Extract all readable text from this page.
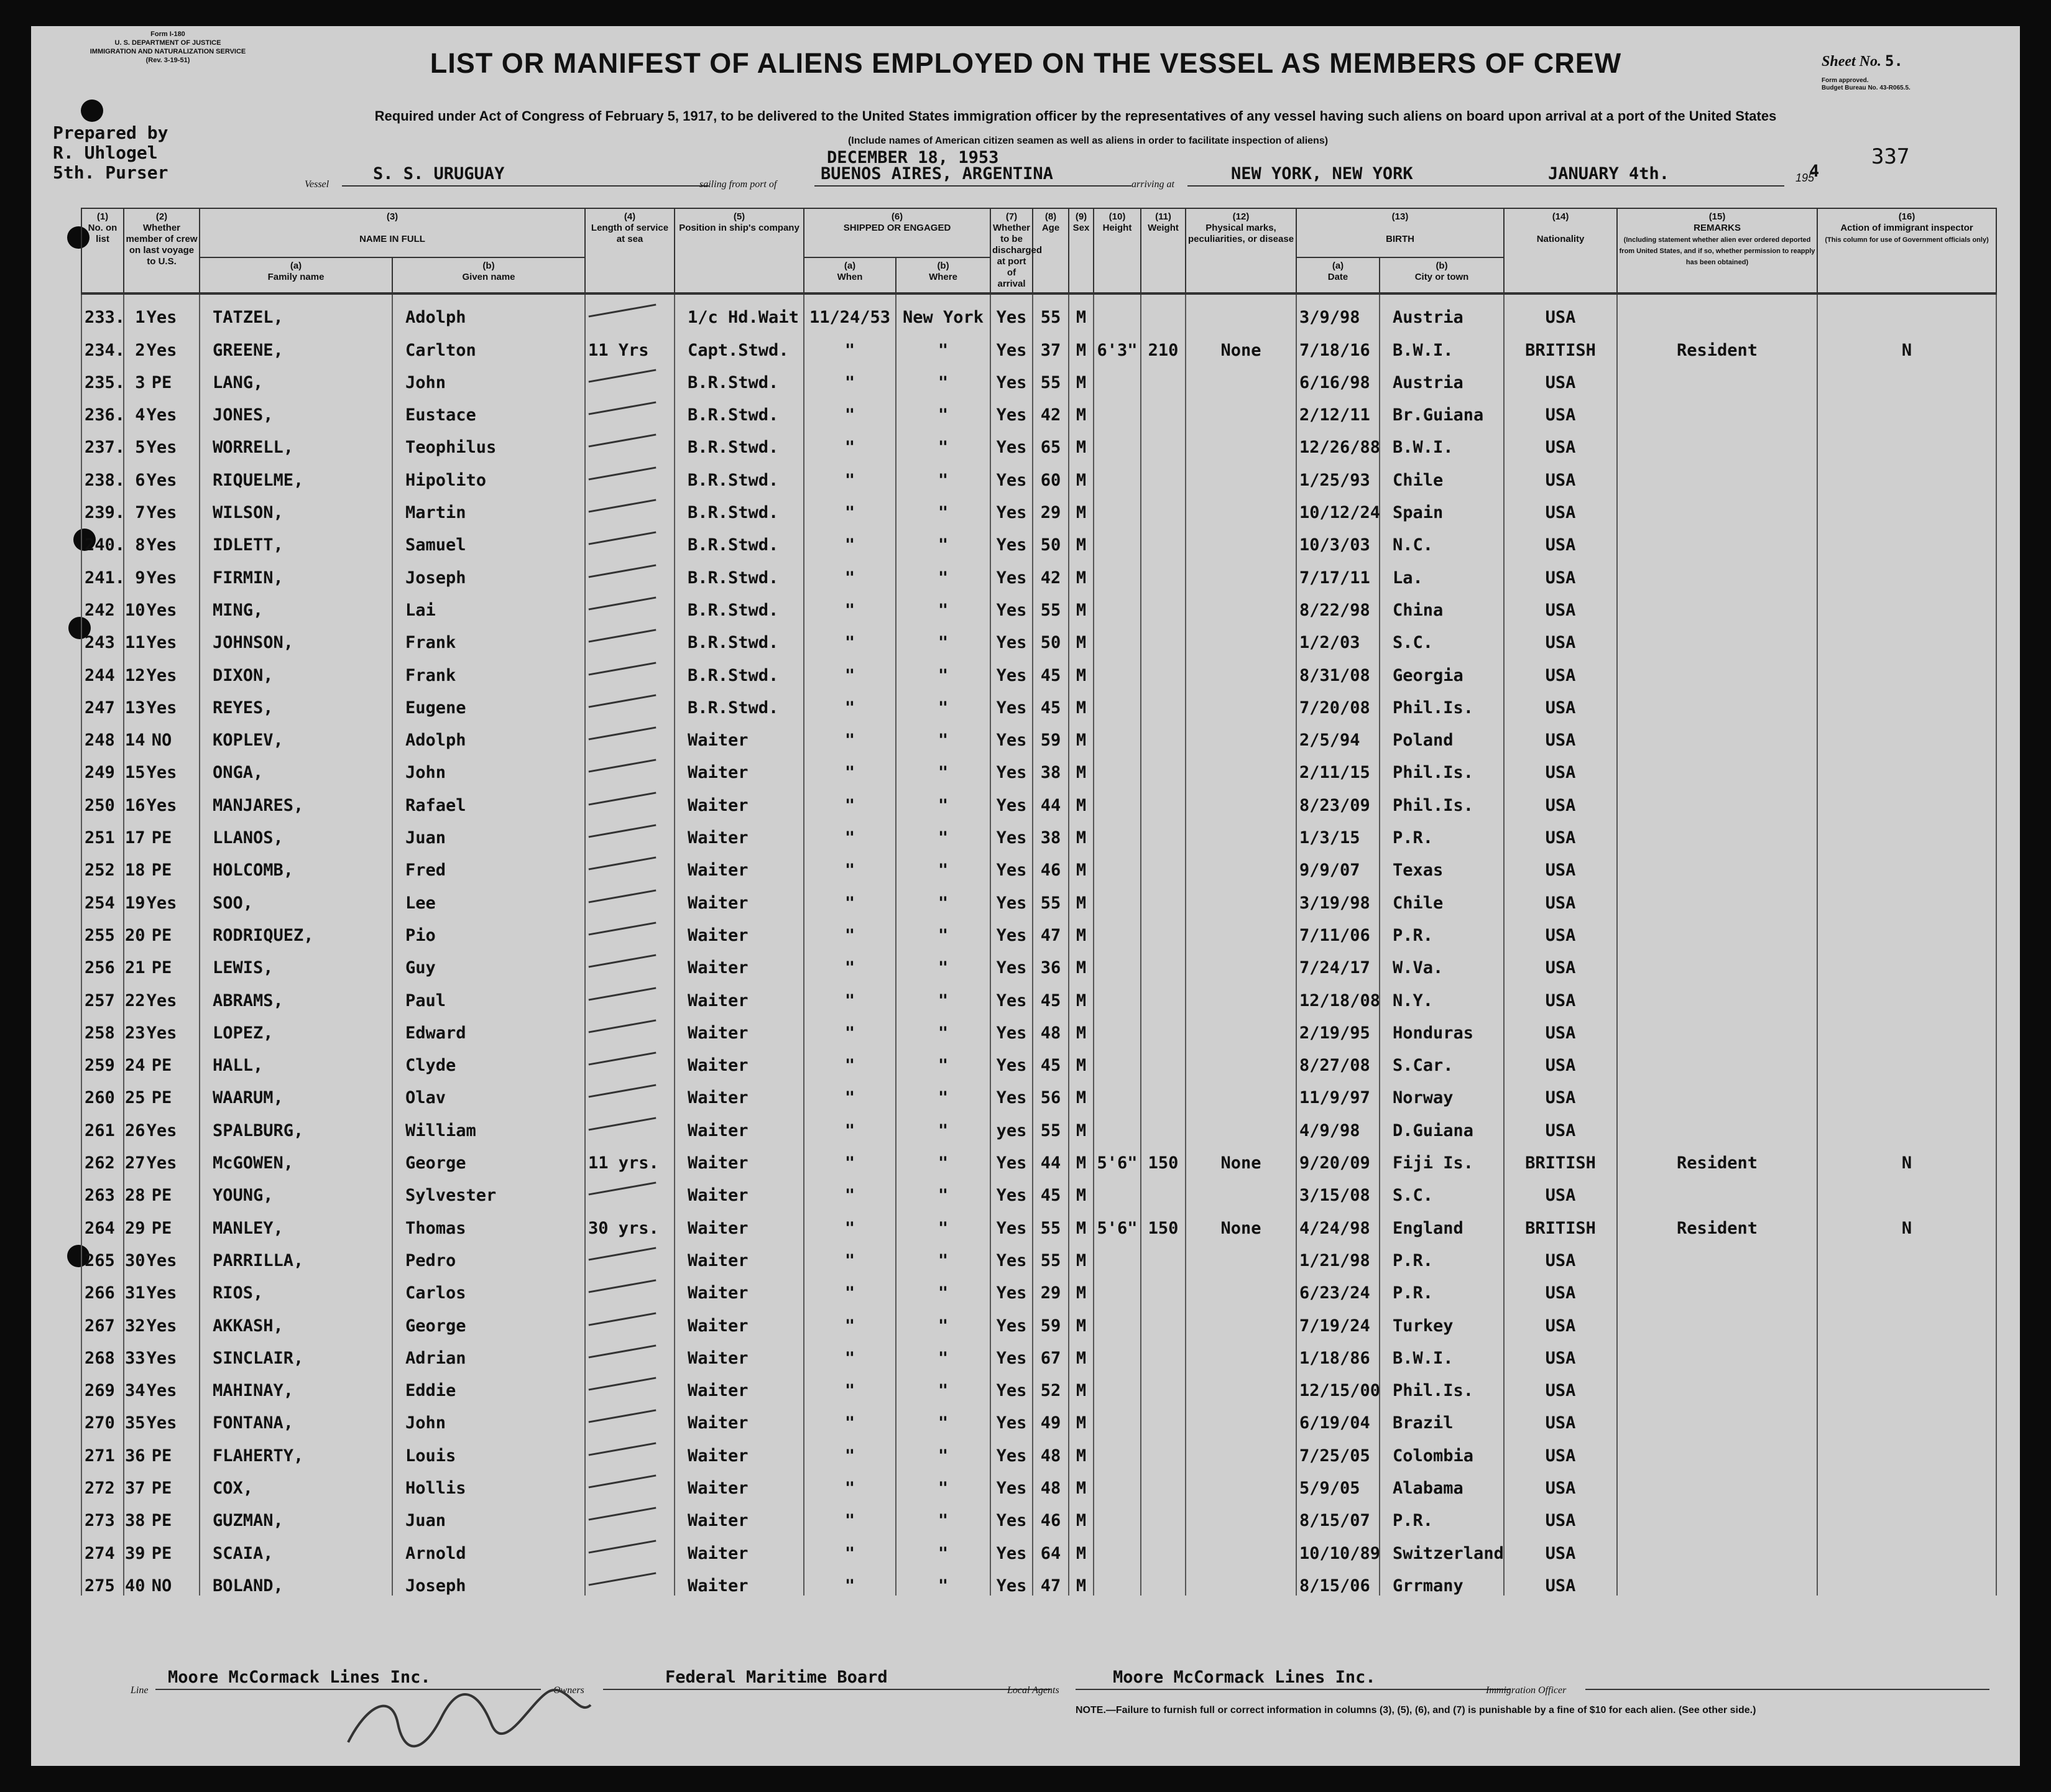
Form I-180
U. S. DEPARTMENT OF JUSTICE
IMMIGRATION AND NATURALIZATION SERVICE
(Rev. 3-19-51)	LIST OR MANIFEST OF ALIENS EMPLOYED ON THE VESSEL AS MEMBERS OF CREW	Sheet No. 5.
Form approved.
Budget Bureau No. 43-R065.5.
Required under Act of Congress of February 5, 1917, to be delivered to the United States immigration officer by the representatives of any vessel having such aliens on board upon arrival at a port of the United States
(Include names of American citizen seamen as well as aliens in order to facilitate inspection of aliens)
Prepared by
R. Uhlogel
5th. Purser
337
Vessel
S. S. URUGUAY
sailing from port of
DECEMBER 18, 1953
BUENOS AIRES, ARGENTINA
arriving at
NEW YORK, NEW YORK	JANUARY 4th.	195
4
(1)
No. on list	(2)
Whether member of crew on last voyage to U.S.	(3)

NAME IN FULL		(4)
Length of service at sea	(5)
Position in ship's company	(6)
SHIPPED OR ENGAGED		(7)
Whether to be discharged at port of arrival	(8)
Age	(9)
Sex	(10)
Height	(11)
Weight	(12)
Physical marks, peculiarities, or disease	(13)

BIRTH		(14)

Nationality	(15)
REMARKS
(Including statement whether alien ever ordered deported from United States, and if so, whether permission to reapply has been obtained)	(16)
Action of immigrant inspector
(This column for use of Government officials only)
		(a)
Family name	(b)
Given name			(a)
When	(b)
Where							(a)
Date	(b)
City or town			
233. 1	Yes	TATZEL,	Adolph		1/c Hd.Wait	11/24/53	New York	Yes	55	M				3/9/98	Austria	USA		
234. 2	Yes	GREENE,	Carlton	11 Yrs	Capt.Stwd.	"	"	Yes	37	M	6'3"	210	None	7/18/16	B.W.I.	BRITISH	Resident	N
235. 3	PE	LANG,	John		B.R.Stwd.	"	"	Yes	55	M				6/16/98	Austria	USA		
236. 4	Yes	JONES,	Eustace		B.R.Stwd.	"	"	Yes	42	M				2/12/11	Br.Guiana	USA		
237. 5	Yes	WORRELL,	Teophilus		B.R.Stwd.	"	"	Yes	65	M				12/26/88	B.W.I.	USA		
238. 6	Yes	RIQUELME,	Hipolito		B.R.Stwd.	"	"	Yes	60	M				1/25/93	Chile	USA		
239. 7	Yes	WILSON,	Martin		B.R.Stwd.	"	"	Yes	29	M				10/12/24	Spain	USA		
240. 8	Yes	IDLETT,	Samuel		B.R.Stwd.	"	"	Yes	50	M				10/3/03	N.C.	USA		
241. 9	Yes	FIRMIN,	Joseph		B.R.Stwd.	"	"	Yes	42	M				7/17/11	La.	USA		
242 10	Yes	MING,	Lai		B.R.Stwd.	"	"	Yes	55	M				8/22/98	China	USA		
243 11	Yes	JOHNSON,	Frank		B.R.Stwd.	"	"	Yes	50	M				1/2/03	S.C.	USA		
244 12	Yes	DIXON,	Frank		B.R.Stwd.	"	"	Yes	45	M				8/31/08	Georgia	USA		
247 13	Yes	REYES,	Eugene		B.R.Stwd.	"	"	Yes	45	M				7/20/08	Phil.Is.	USA		
248 14	NO	KOPLEV,	Adolph		Waiter	"	"	Yes	59	M				2/5/94	Poland	USA		
249 15	Yes	ONGA,	John		Waiter	"	"	Yes	38	M				2/11/15	Phil.Is.	USA		
250 16	Yes	MANJARES,	Rafael		Waiter	"	"	Yes	44	M				8/23/09	Phil.Is.	USA		
251 17	PE	LLANOS,	Juan		Waiter	"	"	Yes	38	M				1/3/15	P.R.	USA		
252 18	PE	HOLCOMB,	Fred		Waiter	"	"	Yes	46	M				9/9/07	Texas	USA		
254 19	Yes	SOO,	Lee		Waiter	"	"	Yes	55	M				3/19/98	Chile	USA		
255 20	PE	RODRIQUEZ,	Pio		Waiter	"	"	Yes	47	M				7/11/06	P.R.	USA		
256 21	PE	LEWIS,	Guy		Waiter	"	"	Yes	36	M				7/24/17	W.Va.	USA		
257 22	Yes	ABRAMS,	Paul		Waiter	"	"	Yes	45	M				12/18/08	N.Y.	USA		
258 23	Yes	LOPEZ,	Edward		Waiter	"	"	Yes	48	M				2/19/95	Honduras	USA		
259 24	PE	HALL,	Clyde		Waiter	"	"	Yes	45	M				8/27/08	S.Car.	USA		
260 25	PE	WAARUM,	Olav		Waiter	"	"	Yes	56	M				11/9/97	Norway	USA		
261 26	Yes	SPALBURG,	William		Waiter	"	"	yes	55	M				4/9/98	D.Guiana	USA		
262 27	Yes	McGOWEN,	George	11 yrs.	Waiter	"	"	Yes	44	M	5'6"	150	None	9/20/09	Fiji Is.	BRITISH	Resident	N
263 28	PE	YOUNG,	Sylvester		Waiter	"	"	Yes	45	M				3/15/08	S.C.	USA		
264 29	PE	MANLEY,	Thomas	30 yrs.	Waiter	"	"	Yes	55	M	5'6"	150	None	4/24/98	England	BRITISH	Resident	N
265 30	Yes	PARRILLA,	Pedro		Waiter	"	"	Yes	55	M				1/21/98	P.R.	USA		
266 31	Yes	RIOS,	Carlos		Waiter	"	"	Yes	29	M				6/23/24	P.R.	USA		
267 32	Yes	AKKASH,	George		Waiter	"	"	Yes	59	M				7/19/24	Turkey	USA		
268 33	Yes	SINCLAIR,	Adrian		Waiter	"	"	Yes	67	M				1/18/86	B.W.I.	USA		
269 34	Yes	MAHINAY,	Eddie		Waiter	"	"	Yes	52	M				12/15/00	Phil.Is.	USA		
270 35	Yes	FONTANA,	John		Waiter	"	"	Yes	49	M				6/19/04	Brazil	USA		
271 36	PE	FLAHERTY,	Louis		Waiter	"	"	Yes	48	M				7/25/05	Colombia	USA		
272 37	PE	COX,	Hollis		Waiter	"	"	Yes	48	M				5/9/05	Alabama	USA		
273 38	PE	GUZMAN,	Juan		Waiter	"	"	Yes	46	M				8/15/07	P.R.	USA		
274 39	PE	SCAIA,	Arnold		Waiter	"	"	Yes	64	M				10/10/89	Switzerland	USA		
275 40	NO	BOLAND,	Joseph		Waiter	"	"	Yes	47	M				8/15/06	Grrmany	USA		
Line
Moore McCormack Lines Inc.
Owners
Federal Maritime Board
Local Agents
Moore McCormack Lines Inc.
Immigration Officer
NOTE.—Failure to furnish full or correct information in columns (3), (5), (6), and (7) is punishable by a fine of $10 for each alien. (See other side.)
